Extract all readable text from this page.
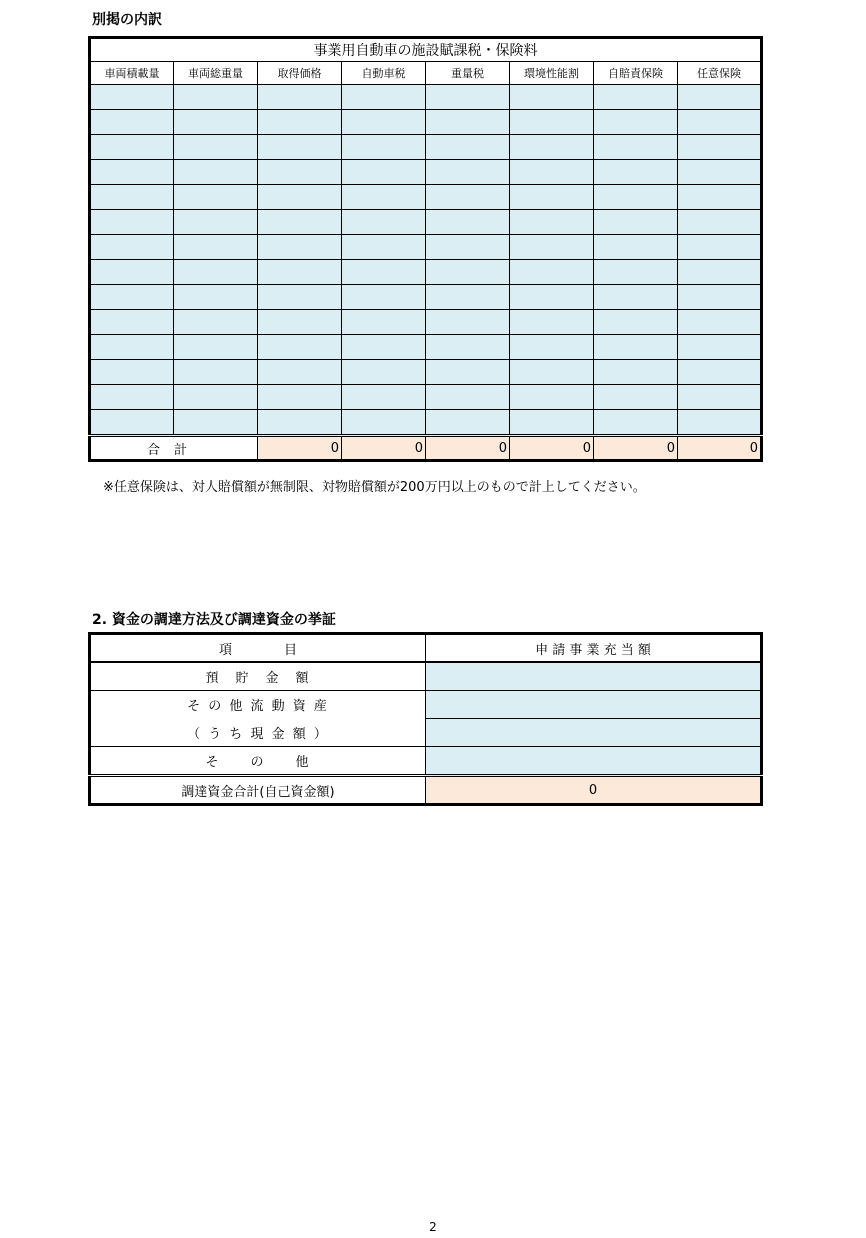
別掲の内訳
事業用自動車の施設賦課税・保険料							
車両積載量	車両総重量	取得価格	自動車税	重量税	環境性能割	自賠責保険	任意保険

合計		0	0	0	0	0	0
※任意保険は、対人賠償額が無制限、対物賠償額が200万円以上のもので計上してください。
2. 資金の調達方法及び調達資金の挙証
項　　　　目	申 請 事 業 充 当 額
預　貯　金　額	
そ の 他 流 動 資 産	
（ う ち 現 金 額 ）	
そ　　の　　他	
調達資金合計(自己資金額)	0
2
